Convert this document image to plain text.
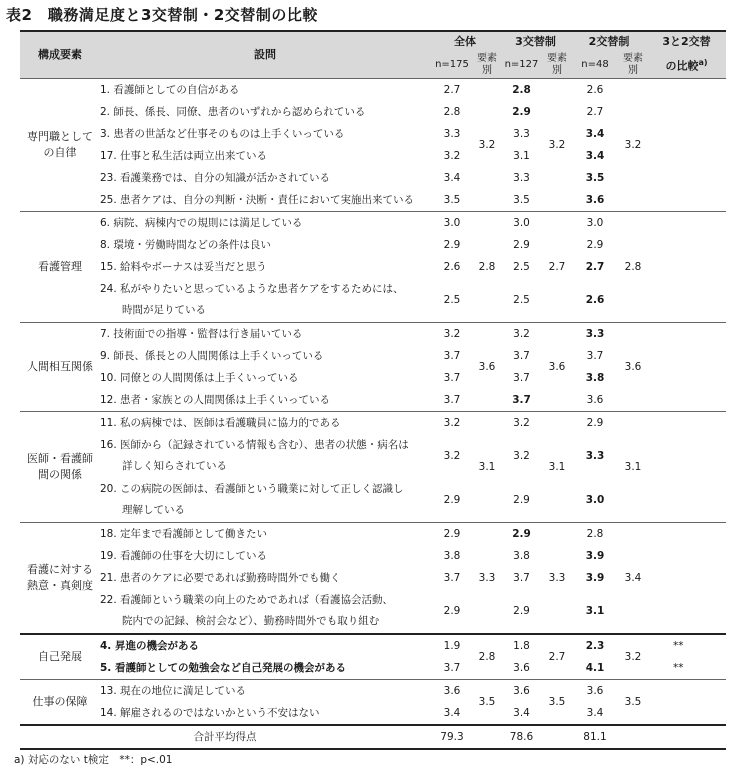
表2　職務満足度と3交替制・2交替制の比較
構成要素	設問	全体		3交替制		2交替制		3と2交替
		n=175	要素別	n=127	要素別	n=48	要素別	の比較$^{a)}$
専門職としての自律	1. 看護師としての自信がある	2.7	3.2	2.8	3.2	2.6	3.2	

	2. 師長、係長、同僚、患者のいずれから認められている	2.8		2.9		2.7		

	3. 患者の世話など仕事そのものは上手くいっている	3.3		3.3		3.4		

	17. 仕事と私生活は両立出来ている	3.2		3.1		3.4		

	23. 看護業務では、自分の知識が活かされている	3.4		3.3		3.5		

	25. 患者ケアは、自分の判断・決断・責任において実施出来ている	3.5		3.5		3.6		
看護管理	6. 病院、病棟内での規則には満足している	3.0	2.8	3.0	2.7	3.0	2.8	

	8. 環境・労働時間などの条件は良い	2.9		2.9		2.9		

	15. 給料やボーナスは妥当だと思う	2.6		2.5		2.7		

	24. 私がやりたいと思っているような患者ケアをするためには、
時間が足りている	2.5		2.5		2.6		
人間相互関係	7. 技術面での指導・監督は行き届いている	3.2	3.6	3.2	3.6	3.3	3.6	

	9. 師長、係長との人間関係は上手くいっている	3.7		3.7		3.7		

	10. 同僚との人間関係は上手くいっている	3.7		3.7		3.8		

	12. 患者・家族との人間関係は上手くいっている	3.7		3.7		3.6		
医師・看護師間の関係	11. 私の病棟では、医師は看護職員に協力的である	3.2	3.1	3.2	3.1	2.9	3.1	

	16. 医師から（記録されている情報も含む）、患者の状態・病名は
詳しく知らされている	3.2		3.2		3.3		

	20. この病院の医師は、看護師という職業に対して正しく認識し
理解している	2.9		2.9		3.0		
看護に対する熱意・真剣度	18. 定年まで看護師として働きたい	2.9	3.3	2.9	3.3	2.8	3.4	

	19. 看護師の仕事を大切にしている	3.8		3.8		3.9		

	21. 患者のケアに必要であれば勤務時間外でも働く	3.7		3.7		3.9		

	22. 看護師という職業の向上のためであれば（看護協会活動、
院内での記録、検討会など）、勤務時間外でも取り組む	2.9		2.9		3.1		
自己発展	4. 昇進の機会がある	1.9	2.8	1.8	2.7	2.3	3.2	**

	5. 看護師としての勉強会など自己発展の機会がある	3.7		3.6		4.1		**
仕事の保障	13. 現在の地位に満足している	3.6	3.5	3.6	3.5	3.6	3.5	

	14. 解雇されるのではないかという不安はない	3.4		3.4		3.4		
合計平均得点		79.3		78.6		81.1		
a) 対応のない t検定　**：p<.01
